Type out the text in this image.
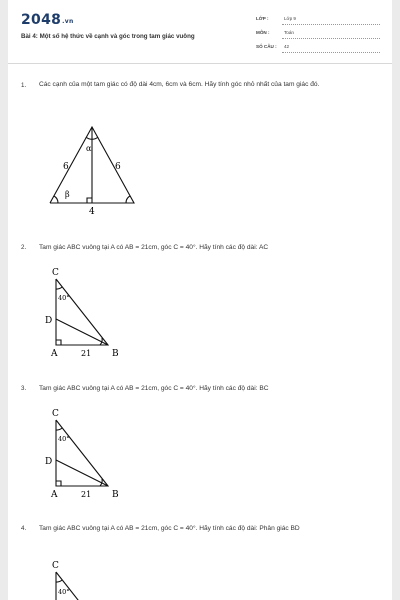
2048.vn
Bài 4: Một số hệ thức về cạnh và góc trong tam giác vuông
LỚP :	Lớp 9
MÔN :	Toán
SỐ CÂU : 42
1. Các cạnh của một tam giác có độ dài 4cm, 6cm và 6cm. Hãy tính góc nhỏ nhất của tam giác đó.
6	6
4
α
β
2. Tam giác ABC vuông tại A có AB = 21cm, góc C = 40°. Hãy tính các độ dài: AC
C
D
A	B
21
40°
3. Tam giác ABC vuông tại A có AB = 21cm, góc C = 40°. Hãy tính các độ dài: BC
C
D
A	B
21
40°
4. Tam giác ABC vuông tại A có AB = 21cm, góc C = 40°. Hãy tính các độ dài: Phân giác BD
C
40°
